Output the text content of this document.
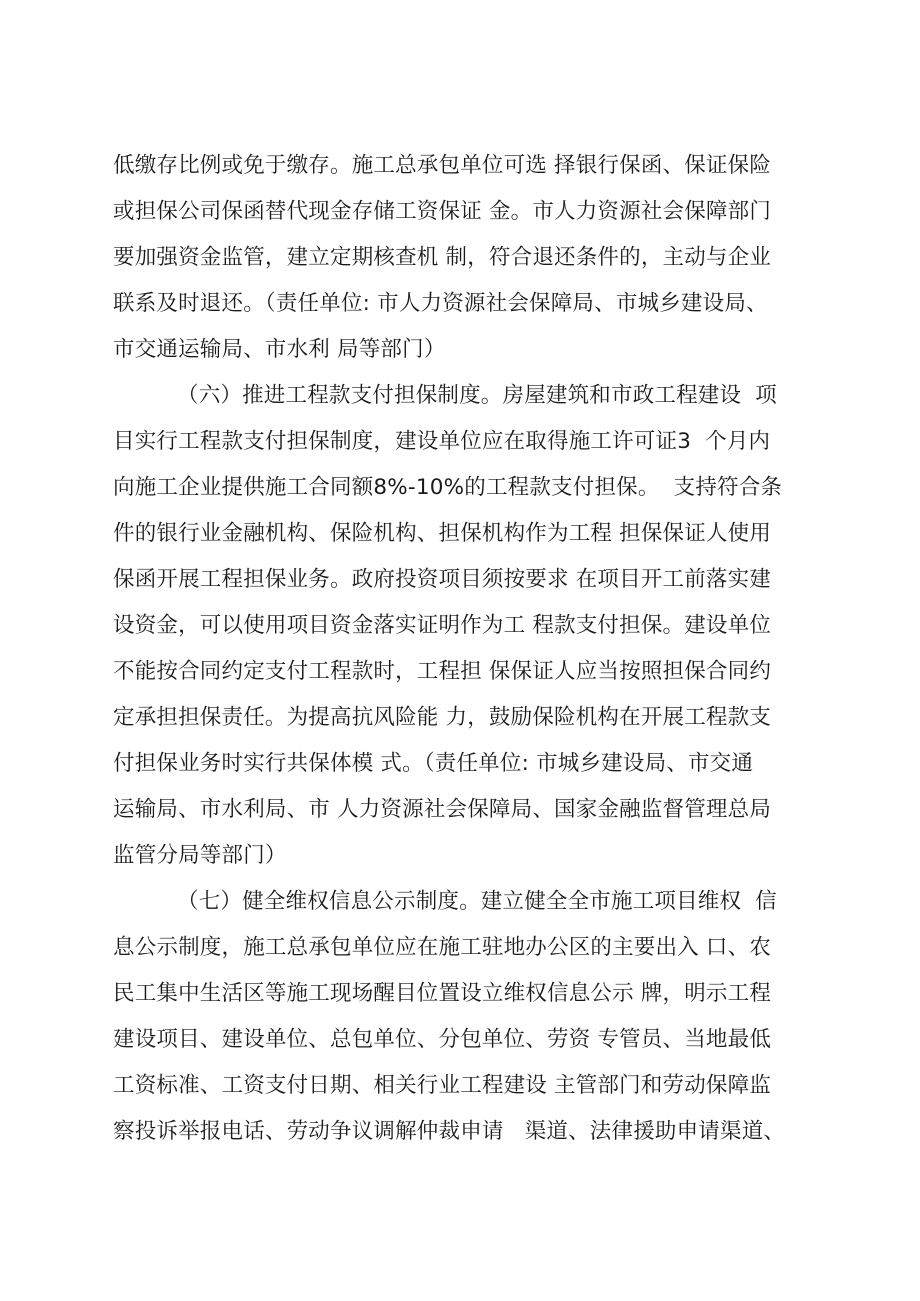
低缴存比例或免于缴存。施工总承包单位可选 择银行保函、保证保险
或担保公司保函替代现金存储工资保证 金。市人力资源社会保障部门
要加强资金监管，建立定期核查机 制，符合退还条件的，主动与企业
联系及时退还。（责任单位: 市人力资源社会保障局、市城乡建设局、
市交通运输局、市水利 局等部门）
（六）推进工程款支付担保制度。房屋建筑和市政工程建设  项
目实行工程款支付担保制度，建设单位应在取得施工许可证3  个月内
向施工企业提供施工合同额8%-10%的工程款支付担保。  支持符合条
件的银行业金融机构、保险机构、担保机构作为工程 担保保证人使用
保函开展工程担保业务。政府投资项目须按要求 在项目开工前落实建
设资金，可以使用项目资金落实证明作为工 程款支付担保。建设单位
不能按合同约定支付工程款时，工程担 保保证人应当按照担保合同约
定承担担保责任。为提高抗风险能 力，鼓励保险机构在开展工程款支
付担保业务时实行共保体模 式。（责任单位: 市城乡建设局、市交通
运输局、市水利局、市 人力资源社会保障局、国家金融监督管理总局
监管分局等部门）
（七）健全维权信息公示制度。建立健全全市施工项目维权  信
息公示制度，施工总承包单位应在施工驻地办公区的主要出入 口、农
民工集中生活区等施工现场醒目位置设立维权信息公示 牌，明示工程
建设项目、建设单位、总包单位、分包单位、劳资 专管员、当地最低
工资标准、工资支付日期、相关行业工程建设 主管部门和劳动保障监
察投诉举报电话、劳动争议调解仲裁申请   渠道、法律援助申请渠道、
